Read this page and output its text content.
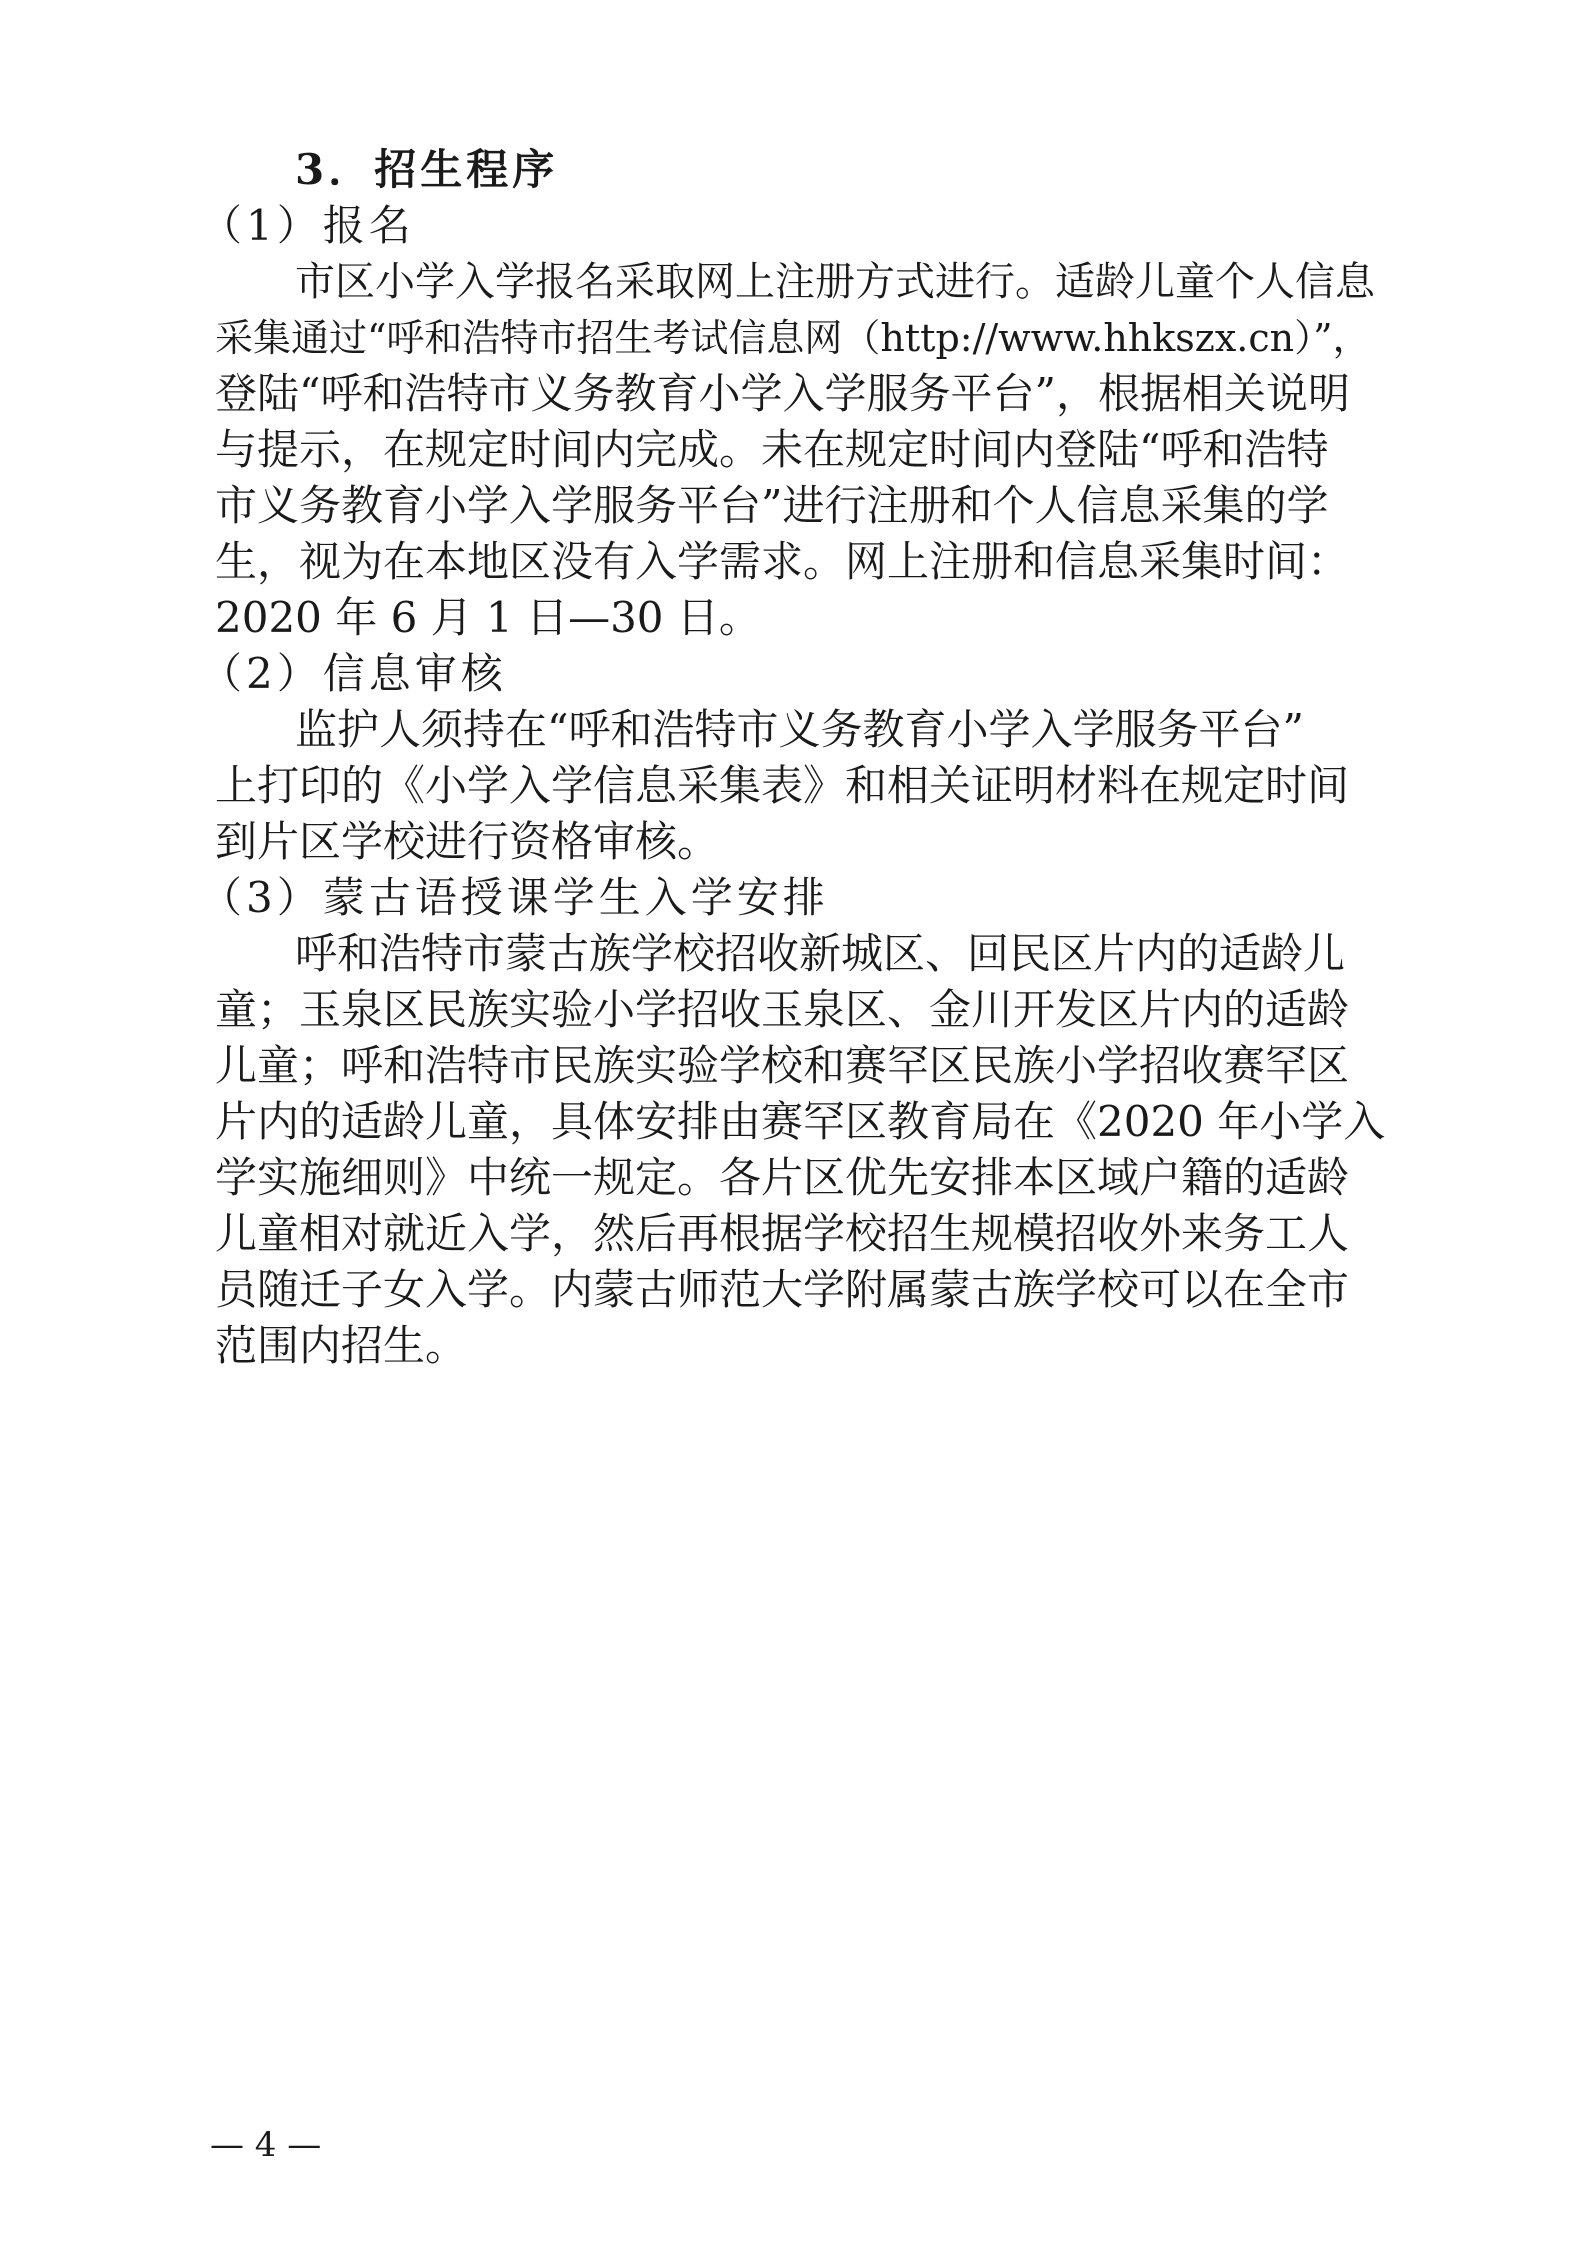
3．招生程序
（1）报名
市区小学入学报名采取网上注册方式进行。适龄儿童个人信息
采集通过“呼和浩特市招生考试信息网（http://www.hhkszx.cn）”，
登陆“呼和浩特市义务教育小学入学服务平台”，根据相关说明
与提示，在规定时间内完成。未在规定时间内登陆“呼和浩特
市义务教育小学入学服务平台”进行注册和个人信息采集的学
生，视为在本地区没有入学需求。网上注册和信息采集时间：
2020 年 6 月 1 日—30 日。
（2）信息审核
监护人须持在“呼和浩特市义务教育小学入学服务平台”
上打印的《小学入学信息采集表》和相关证明材料在规定时间
到片区学校进行资格审核。
（3）蒙古语授课学生入学安排
呼和浩特市蒙古族学校招收新城区、回民区片内的适龄儿
童；玉泉区民族实验小学招收玉泉区、金川开发区片内的适龄
儿童；呼和浩特市民族实验学校和赛罕区民族小学招收赛罕区
片内的适龄儿童，具体安排由赛罕区教育局在《2020 年小学入
学实施细则》中统一规定。各片区优先安排本区域户籍的适龄
儿童相对就近入学，然后再根据学校招生规模招收外来务工人
员随迁子女入学。内蒙古师范大学附属蒙古族学校可以在全市
范围内招生。
— 4 —
